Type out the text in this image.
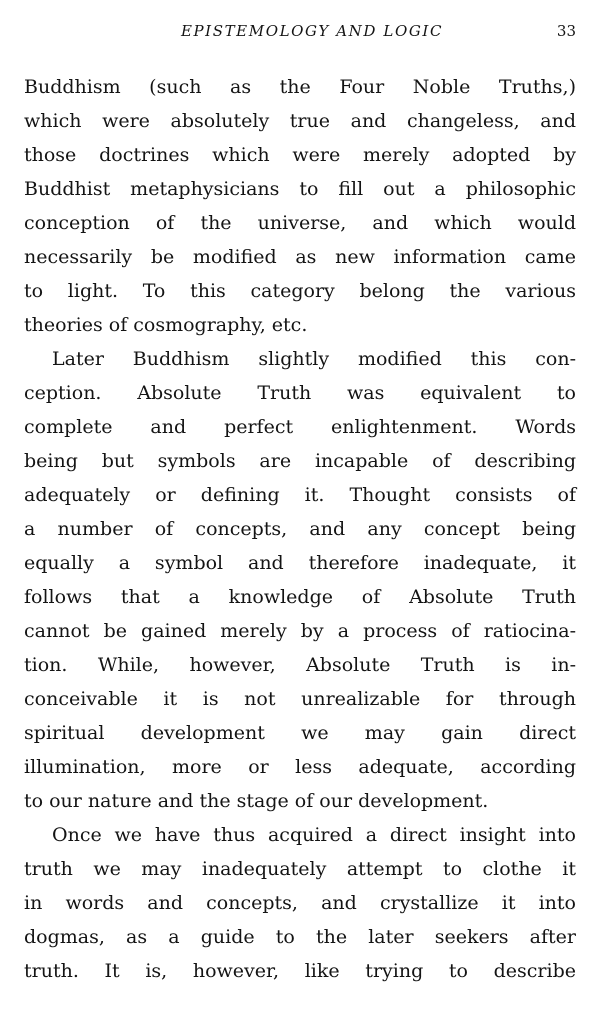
EPISTEMOLOGY AND LOGIC	33
Buddhism (such as the Four Noble Truths,)
which were absolutely true and changeless, and
those doctrines which were merely adopted by
Buddhist metaphysicians to fill out a philosophic
conception of the universe, and which would
necessarily be modified as new information came
to light. To this category belong the various
theories of cosmography, etc.
Later Buddhism slightly modified this con-
ception. Absolute Truth was equivalent to
complete and perfect enlightenment. Words
being but symbols are incapable of describing
adequately or defining it. Thought consists of
a number of concepts, and any concept being
equally a symbol and therefore inadequate, it
follows that a knowledge of Absolute Truth
cannot be gained merely by a process of ratiocina-
tion. While, however, Absolute Truth is in-
conceivable it is not unrealizable for through
spiritual development we may gain direct
illumination, more or less adequate, according
to our nature and the stage of our development.
Once we have thus acquired a direct insight into
truth we may inadequately attempt to clothe it
in words and concepts, and crystallize it into
dogmas, as a guide to the later seekers after
truth. It is, however, like trying to describe
